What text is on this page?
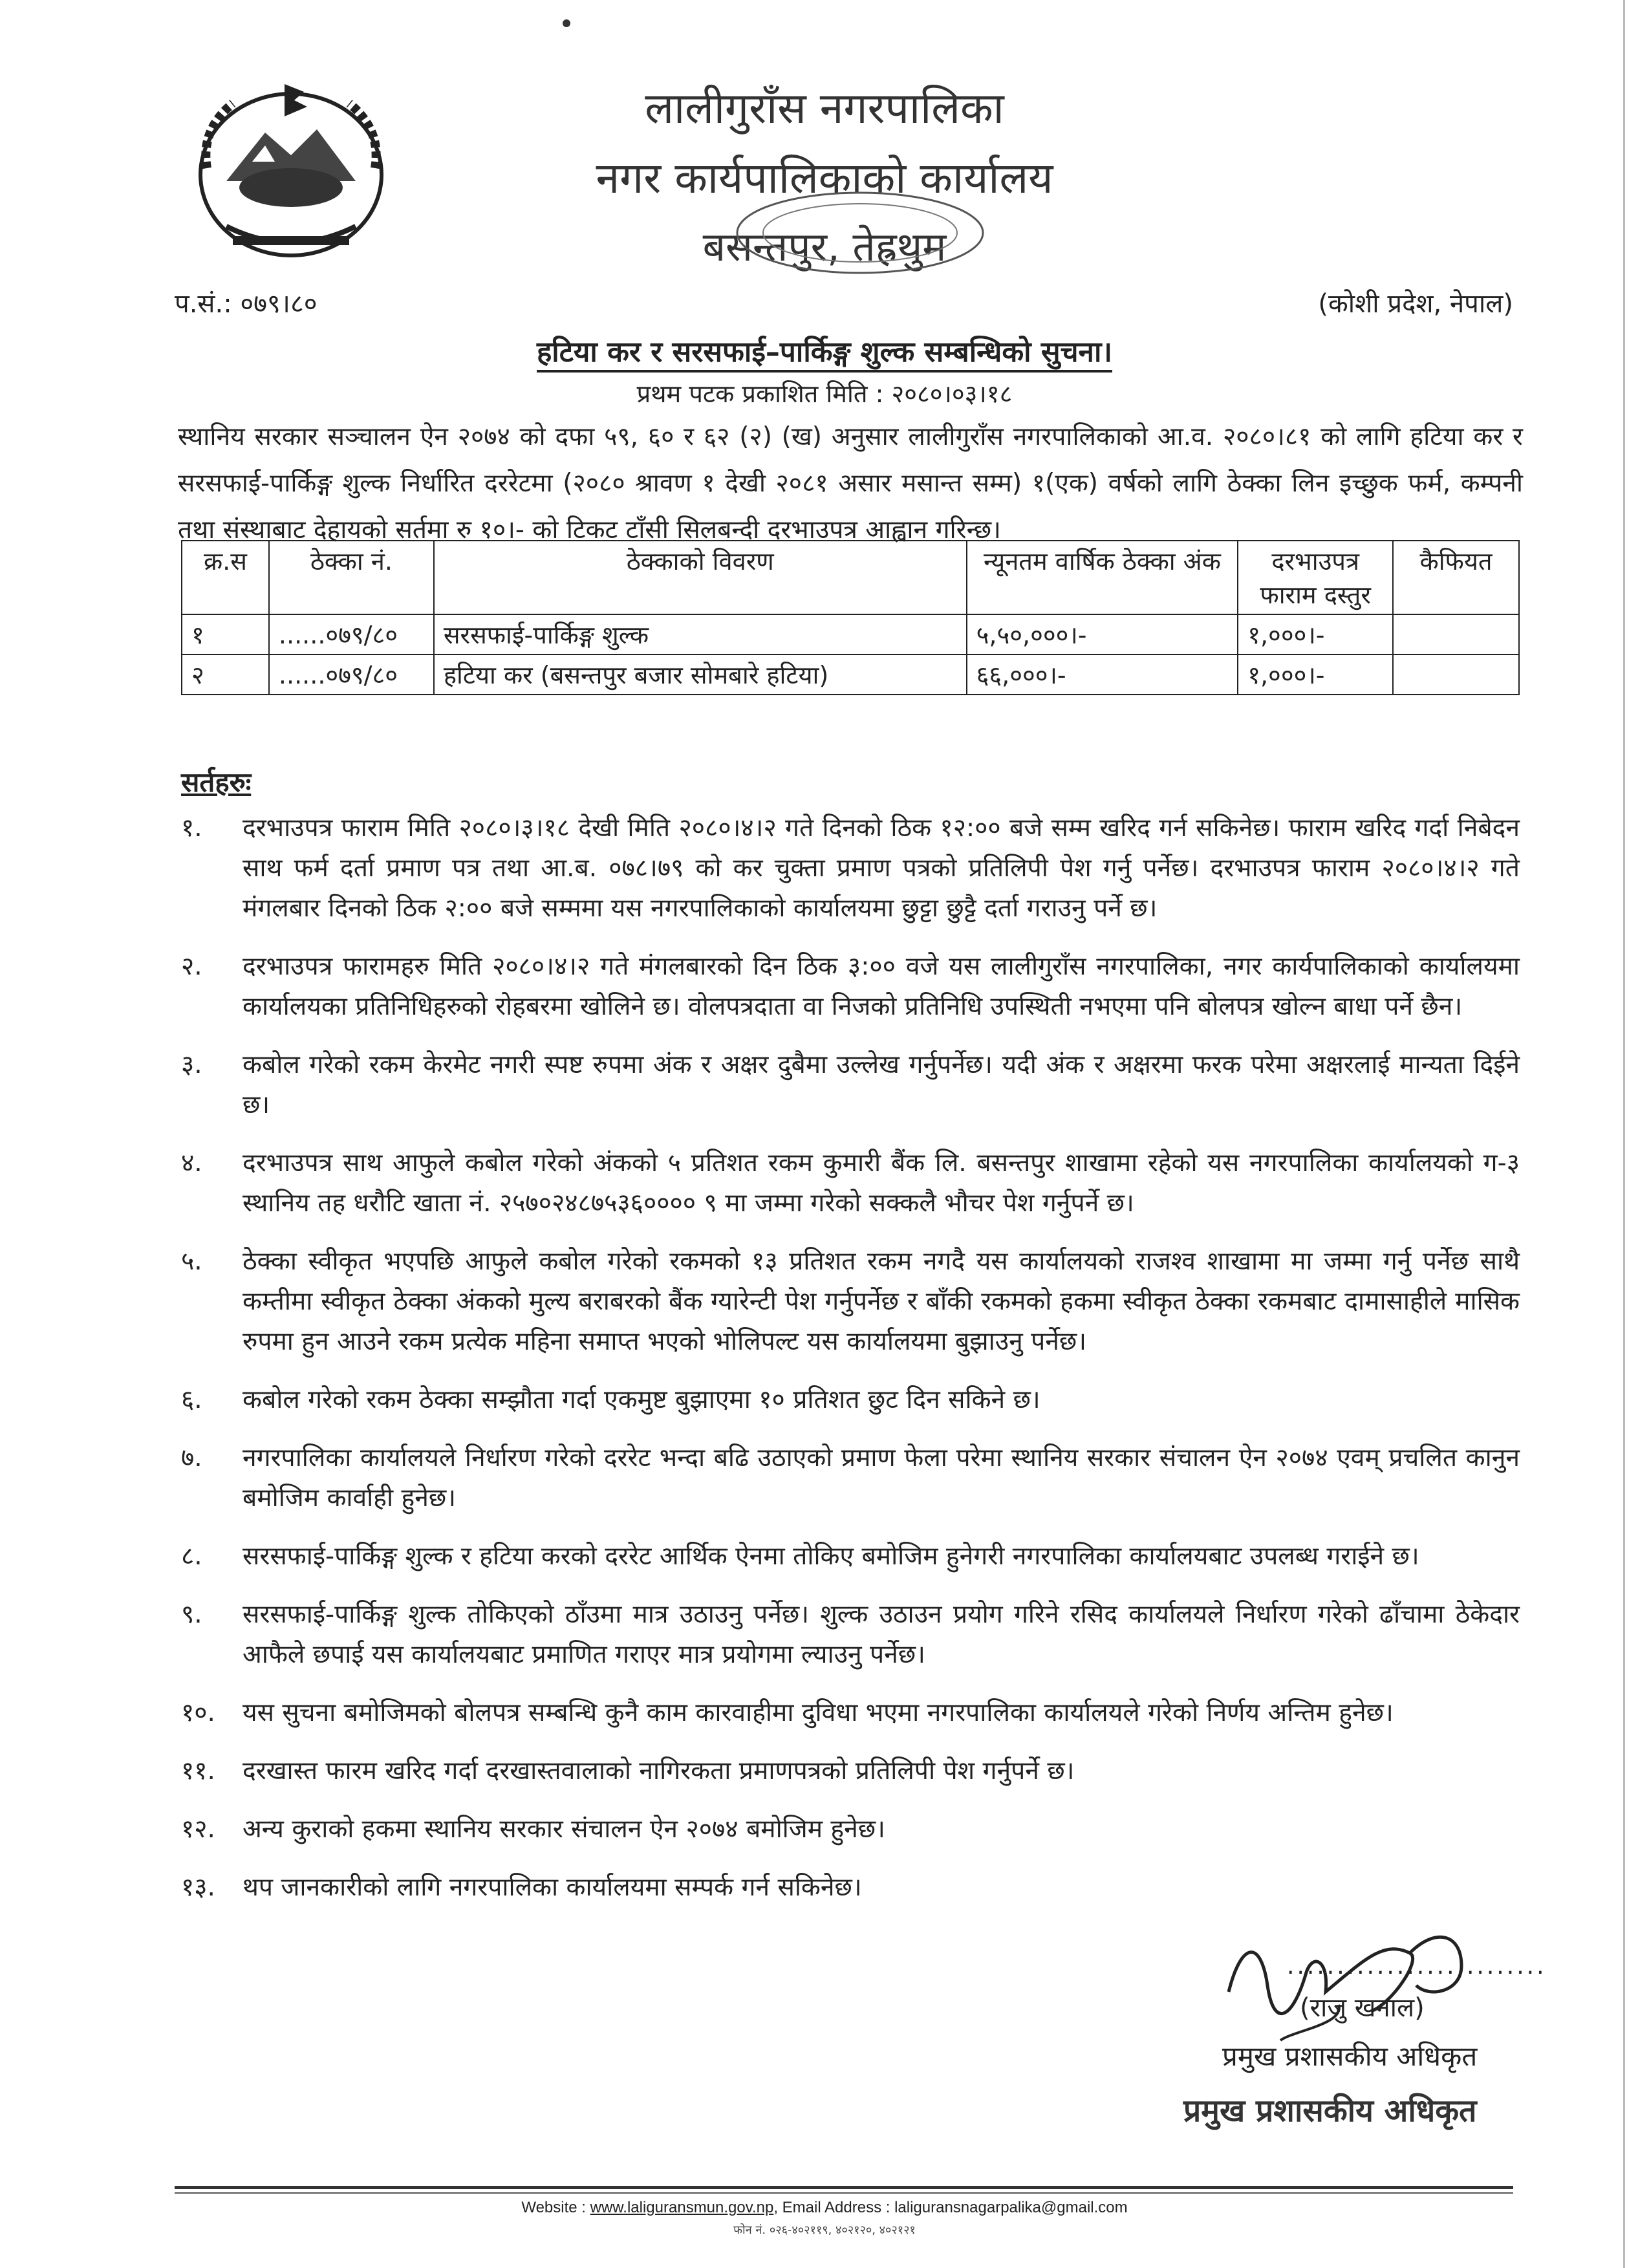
लालीगुराँस नगरपालिका
नगर कार्यपालिकाको कार्यालय
बसन्तपुर, तेह्रथुम
प.सं.: ०७९।८०	(कोशी प्रदेश, नेपाल)
हटिया कर र सरसफाई–पार्किङ्ग शुल्क सम्बन्धिको सुचना।
प्रथम पटक प्रकाशित मिति : २०८०।०३।१८
स्थानिय सरकार सञ्चालन ऐन २०७४ को दफा ५९, ६० र ६२ (२) (ख) अनुसार लालीगुराँस नगरपालिकाको आ.व. २०८०।८१ को लागि हटिया कर र सरसफाई-पार्किङ्ग शुल्क निर्धारित दररेटमा (२०८० श्रावण १ देखी २०८१ असार मसान्त सम्म) १(एक) वर्षको लागि ठेक्का लिन इच्छुक फर्म, कम्पनी तथा संस्थाबाट देहायको सर्तमा रु १०।- को टिकट टाँसी सिलबन्दी दरभाउपत्र आह्वान गरिन्छ।
क्र.स	ठेक्का नं.	ठेक्काको विवरण	न्यूनतम वार्षिक ठेक्का अंक	दरभाउपत्र फाराम दस्तुर	कैफियत
१	......०७९/८०	सरसफाई-पार्किङ्ग शुल्क	५,५०,०००।-	१,०००।-	
२	......०७९/८०	हटिया कर (बसन्तपुर बजार सोमबारे हटिया)	६६,०००।-	१,०००।-	
सर्तहरुः
१. दरभाउपत्र फाराम मिति २०८०।३।१८ देखी मिति २०८०।४।२ गते दिनको ठिक १२:०० बजे सम्म खरिद गर्न सकिनेछ। फाराम खरिद गर्दा निबेदन साथ फर्म दर्ता प्रमाण पत्र तथा आ.ब. ०७८।७९ को कर चुक्ता प्रमाण पत्रको प्रतिलिपी पेश गर्नु पर्नेछ। दरभाउपत्र फाराम २०८०।४।२ गते मंगलबार दिनको ठिक २:०० बजे सम्ममा यस नगरपालिकाको कार्यालयमा छुट्टा छुट्टै दर्ता गराउनु पर्ने छ।
२. दरभाउपत्र फारामहरु मिति २०८०।४।२ गते मंगलबारको दिन ठिक ३:०० वजे यस लालीगुराँस नगरपालिका, नगर कार्यपालिकाको कार्यालयमा कार्यालयका प्रतिनिधिहरुको रोहबरमा खोलिने छ। वोलपत्रदाता वा निजको प्रतिनिधि उपस्थिती नभएमा पनि बोलपत्र खोल्न बाधा पर्ने छैन।
३. कबोल गरेको रकम केरमेट नगरी स्पष्ट रुपमा अंक र अक्षर दुबैमा उल्लेख गर्नुपर्नेछ। यदी अंक र अक्षरमा फरक परेमा अक्षरलाई मान्यता दिईने छ।
४. दरभाउपत्र साथ आफुले कबोल गरेको अंकको ५ प्रतिशत रकम कुमारी बैंक लि. बसन्तपुर शाखामा रहेको यस नगरपालिका कार्यालयको ग-३ स्थानिय तह धरौटि खाता नं. २५७०२४८७५३६०००० ९ मा जम्मा गरेको सक्कलै भौचर पेश गर्नुपर्ने छ।
५. ठेक्का स्वीकृत भएपछि आफुले कबोल गरेको रकमको १३ प्रतिशत रकम नगदै यस कार्यालयको राजश्व शाखामा मा जम्मा गर्नु पर्नेछ साथै कम्तीमा स्वीकृत ठेक्का अंकको मुल्य बराबरको बैंक ग्यारेन्टी पेश गर्नुपर्नेछ र बाँकी रकमको हकमा स्वीकृत ठेक्का रकमबाट दामासाहीले मासिक रुपमा हुन आउने रकम प्रत्येक महिना समाप्त भएको भोलिपल्ट यस कार्यालयमा बुझाउनु पर्नेछ।
६. कबोल गरेको रकम ठेक्का सम्झौता गर्दा एकमुष्ट बुझाएमा १० प्रतिशत छुट दिन सकिने छ।
७. नगरपालिका कार्यालयले निर्धारण गरेको दररेट भन्दा बढि उठाएको प्रमाण फेला परेमा स्थानिय सरकार संचालन ऐन २०७४ एवम् प्रचलित कानुन बमोजिम कार्वाही हुनेछ।
८. सरसफाई-पार्किङ्ग शुल्क र हटिया करको दररेट आर्थिक ऐनमा तोकिए बमोजिम हुनेगरी नगरपालिका कार्यालयबाट उपलब्ध गराईने छ।
९. सरसफाई-पार्किङ्ग शुल्क तोकिएको ठाँउमा मात्र उठाउनु पर्नेछ। शुल्क उठाउन प्रयोग गरिने रसिद कार्यालयले निर्धारण गरेको ढाँचामा ठेकेदार आफैले छपाई यस कार्यालयबाट प्रमाणित गराएर मात्र प्रयोगमा ल्याउनु पर्नेछ।
१०. यस सुचना बमोजिमको बोलपत्र सम्बन्धि कुनै काम कारवाहीमा दुविधा भएमा नगरपालिका कार्यालयले गरेको निर्णय अन्तिम हुनेछ।
११. दरखास्त फारम खरिद गर्दा दरखास्तवालाको नागिरकता प्रमाणपत्रको प्रतिलिपी पेश गर्नुपर्ने छ।
१२. अन्य कुराको हकमा स्थानिय सरकार संचालन ऐन २०७४ बमोजिम हुनेछ।
१३. थप जानकारीको लागि नगरपालिका कार्यालयमा सम्पर्क गर्न सकिनेछ।
..........................
(राजु खनाल)
प्रमुख प्रशासकीय अधिकृत
प्रमुख प्रशासकीय अधिकृत
Website : www.laliguransmun.gov.np, Email Address : laliguransnagarpalika@gmail.com
फोन नं. ०२६-४०२११९, ४०२१२०, ४०२१२१
